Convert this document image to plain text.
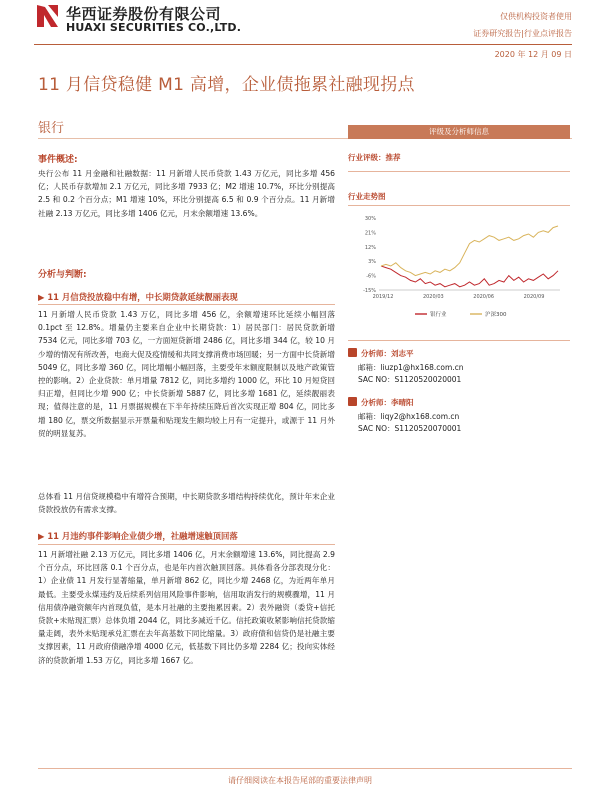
华西证券股份有限公司
HUAXI SECURITIES CO.,LTD.
仅供机构投资者使用
证券研究报告|行业点评报告
2020 年 12 月 09 日
11 月信贷稳健 M1 高增，企业债拖累社融现拐点
银行
事件概述:
央行公布 11 月金融和社融数据：11 月新增人民币贷款 1.43 万亿元，同比多增 456 亿；人民币存款增加 2.1 万亿元，同比多增 7933 亿；M2 增速 10.7%，环比分别提高 2.5 和 0.2 个百分点；M1 增速 10%，环比分别提高 6.5 和 0.9 个百分点。11 月新增社融 2.13 万亿元，同比多增 1406 亿元，月末余额增速 13.6%。
分析与判断:
▶ 11 月信贷投放稳中有增，中长期贷款延续靓丽表现
11 月新增人民币贷款 1.43 万亿，同比多增 456 亿，余额增速环比延续小幅回落 0.1pct 至 12.8%。增量仍主要来自企业中长期贷款：1）居民部门：居民贷款新增 7534 亿元，同比多增 703 亿，一方面短贷新增 2486 亿，同比多增 344 亿，较 10 月少增的情况有所改善，电商大促及疫情缓和共同支撑消费市场回暖；另一方面中长贷新增 5049 亿，同比多增 360 亿，同比增幅小幅回落，主要受年末额度限制以及地产政策管控的影响。2）企业贷款：单月增量 7812 亿，同比多增约 1000 亿，环比 10 月短贷回归正增，但同比少增 900 亿；中长贷新增 5887 亿，同比多增 1681 亿，延续靓丽表现；值得注意的是，11 月票据规模在下半年持续压降后首次实现正增 804 亿，同比多增 180 亿，票交所数据显示开票量和贴现发生额均较上月有一定提升，或源于 11 月外贸的明显复苏。
总体看 11 月信贷规模稳中有增符合预期，中长期贷款多增结构持续优化，预计年末企业贷款投放仍有需求支撑。
▶ 11 月违约事件影响企业债少增，社融增速触顶回落
11 月新增社融 2.13 万亿元，同比多增 1406 亿，月末余额增速 13.6%，同比提高 2.9 个百分点，环比回落 0.1 个百分点，也是年内首次触顶回落。具体看各分部表现分化：1）企业债 11 月发行显著缩量，单月新增 862 亿，同比少增 2468 亿，为近两年单月最低。主要受永煤违约及后续系列信用风险事件影响，信用取消发行的规模骤增，11 月信用债净融资额年内首现负值，是本月社融的主要拖累因素。2）表外融资（委贷+信托贷款+未贴现汇票）总体负增 2044 亿，同比多减近千亿。信托政策收紧影响信托贷款缩量走阔，表外未贴现承兑汇票在去年高基数下同比缩量。3）政府债和信贷仍是社融主要支撑因素，11 月政府债融净增 4000 亿元，低基数下同比仍多增 2284 亿；投向实体经济的贷款新增 1.53 万亿，同比多增 1667 亿。
评级及分析师信息
行业评级：推荐
行业走势图
30%
21%
12%
3%
-6%
-15%
2019/12	2020/03	2020/06	2020/09
银行业	沪深300
分析师：刘志平
邮箱：liuzp1@hx168.com.cn
SAC NO：S1120520020001
分析师：李晴阳
邮箱：liqy2@hx168.com.cn
SAC NO：S1120520070001
请仔细阅读在本报告尾部的重要法律声明
